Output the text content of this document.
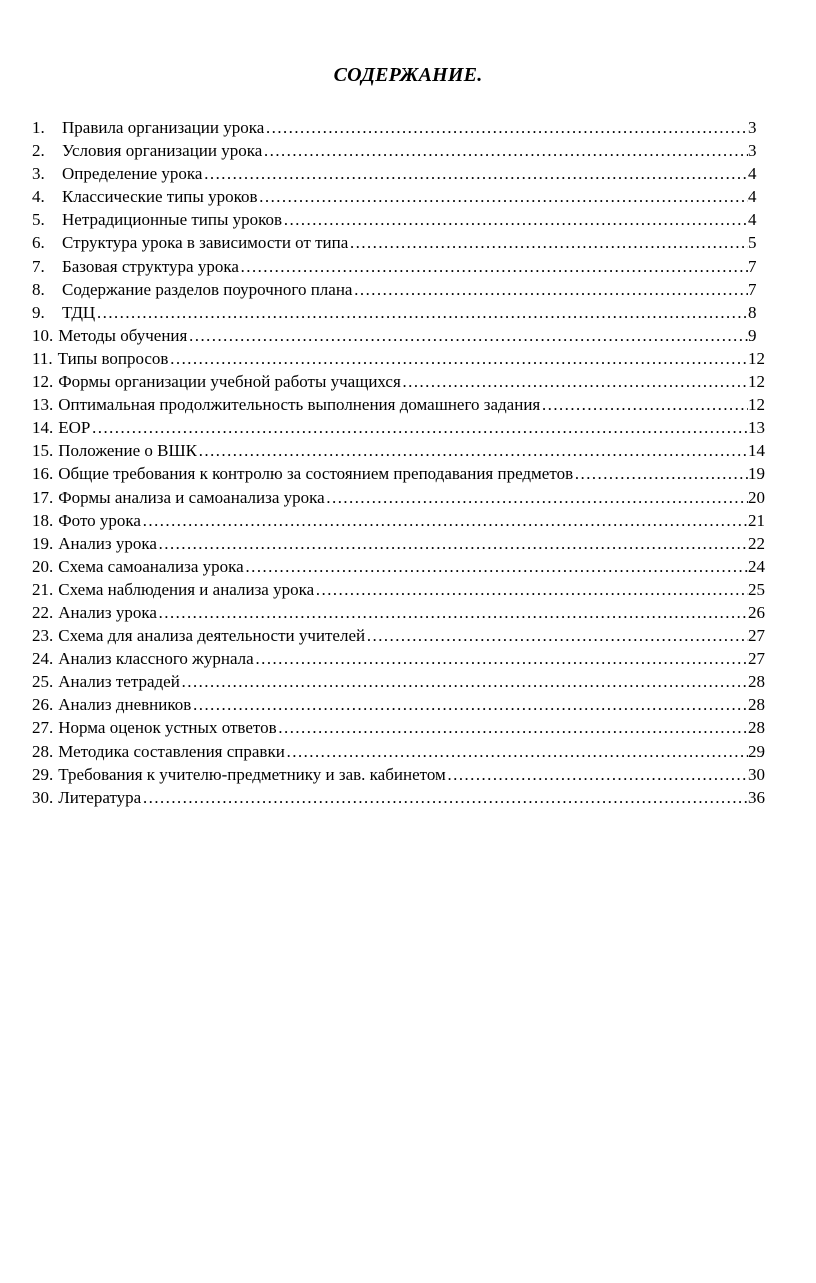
СОДЕРЖАНИЕ.
1.	Правила организации урока ………………………………………………………………………………………………………………………………………………………………………………………	3
2.	Условия организации урока ………………………………………………………………………………………………………………………………………………………………………………………	3
3.	Определение урока ………………………………………………………………………………………………………………………………………………………………………………………	4
4.	Классические типы уроков ………………………………………………………………………………………………………………………………………………………………………………………	4
5.	Нетрадиционные типы уроков ………………………………………………………………………………………………………………………………………………………………………………………	4
6.	Структура урока в зависимости от типа ………………………………………………………………………………………………………………………………………………………………………………………	5
7.	Базовая структура урока ………………………………………………………………………………………………………………………………………………………………………………………	7
8.	Содержание разделов поурочного плана ………………………………………………………………………………………………………………………………………………………………………………………	7
9.	ТДЦ ………………………………………………………………………………………………………………………………………………………………………………………	8
10. Методы обучения ………………………………………………………………………………………………………………………………………………………………………………………	9
11. Типы вопросов ………………………………………………………………………………………………………………………………………………………………………………………	12
12. Формы организации учебной работы учащихся ………………………………………………………………………………………………………………………………………………………………………………………	12
13. Оптимальная продолжительность выполнения домашнего задания ………………………………………………………………………………………………………………………………………………………………………………………	12
14. ЕОР ………………………………………………………………………………………………………………………………………………………………………………………	13
15. Положение о ВШК ………………………………………………………………………………………………………………………………………………………………………………………	14
16. Общие требования к контролю за состоянием преподавания предметов ………………………………………………………………………………………………………………………………………………………………………………………	19
17. Формы анализа и самоанализа урока ………………………………………………………………………………………………………………………………………………………………………………………	20
18. Фото урока ………………………………………………………………………………………………………………………………………………………………………………………	21
19. Анализ урока ………………………………………………………………………………………………………………………………………………………………………………………	22
20. Схема самоанализа урока ………………………………………………………………………………………………………………………………………………………………………………………	24
21. Схема наблюдения и анализа урока ………………………………………………………………………………………………………………………………………………………………………………………	25
22. Анализ урока ………………………………………………………………………………………………………………………………………………………………………………………	26
23. Схема для анализа деятельности учителей ………………………………………………………………………………………………………………………………………………………………………………………	27
24. Анализ классного журнала ………………………………………………………………………………………………………………………………………………………………………………………	27
25. Анализ тетрадей ………………………………………………………………………………………………………………………………………………………………………………………	28
26. Анализ дневников ………………………………………………………………………………………………………………………………………………………………………………………	28
27. Норма оценок устных ответов ………………………………………………………………………………………………………………………………………………………………………………………	28
28. Методика составления справки ………………………………………………………………………………………………………………………………………………………………………………………	29
29. Требования к учителю-предметнику и зав. кабинетом ………………………………………………………………………………………………………………………………………………………………………………………	30
30. Литература ………………………………………………………………………………………………………………………………………………………………………………………	36
